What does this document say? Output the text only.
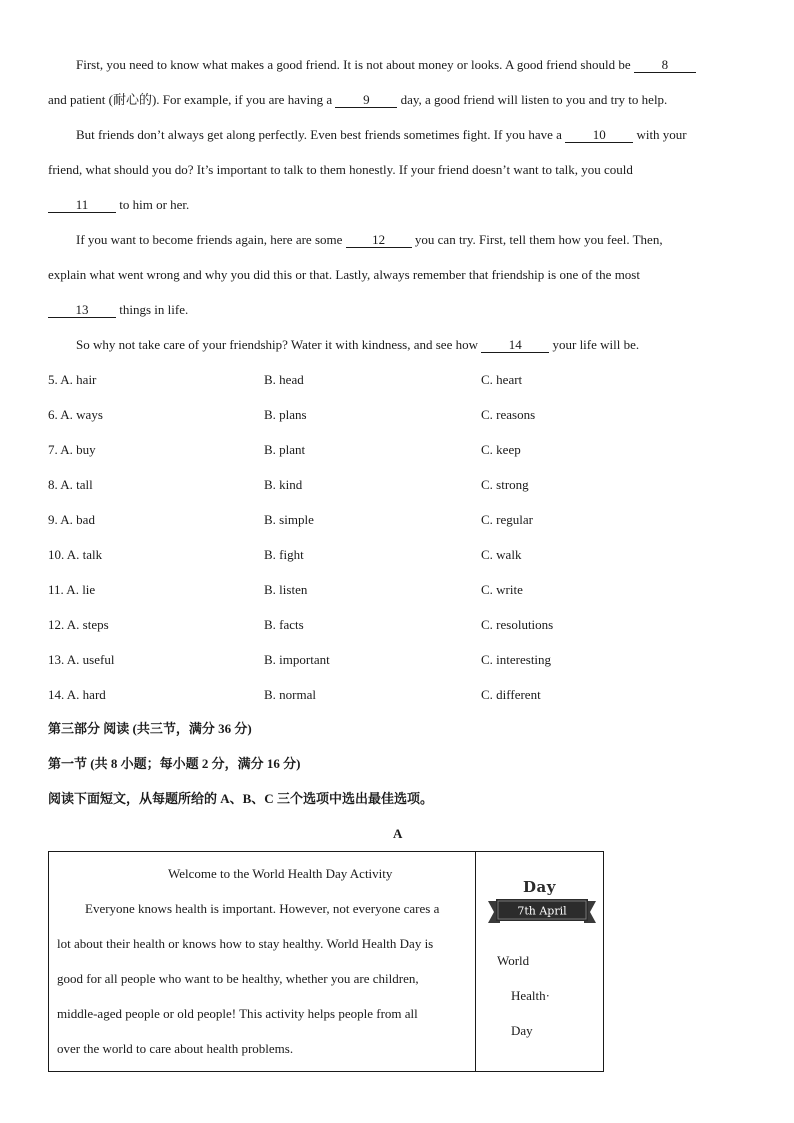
First, you need to know what makes a good friend. It is not about money or looks. A good friend should be 8
and patient (耐心的). For example, if you are having a 9 day, a good friend will listen to you and try to help.
But friends don’t always get along perfectly. Even best friends sometimes fight. If you have a 10 with your
friend, what should you do? It’s important to talk to them honestly. If your friend doesn’t want to talk, you could
11 to him or her.
If you want to become friends again, here are some 12 you can try. First, tell them how you feel. Then,
explain what went wrong and why you did this or that. Lastly, always remember that friendship is one of the most
13 things in life.
So why not take care of your friendship? Water it with kindness, and see how 14 your life will be.
5. A. hair	B. head	C. heart
6. A. ways	B. plans	C. reasons
7. A. buy	B. plant	C. keep
8. A. tall	B. kind	C. strong
9. A. bad	B. simple	C. regular
10. A. talk	B. fight	C. walk
11. A. lie	B. listen	C. write
12. A. steps	B. facts	C. resolutions
13. A. useful	B. important	C. interesting
14. A. hard	B. normal	C. different
第三部分 阅读 (共三节，满分 36 分)
第一节 (共 8 小题；每小题 2 分，满分 16 分)
阅读下面短文，从每题所给的 A、B、C 三个选项中选出最佳选项。
A
Welcome to the World Health Day Activity
Everyone knows health is important. However, not everyone cares a
lot about their health or knows how to stay healthy. World Health Day is
good for all people who want to be healthy, whether you are children,
middle-aged people or old people! This activity helps people from all
over the world to care about health problems.
Day
7th April
World
Health·
Day
